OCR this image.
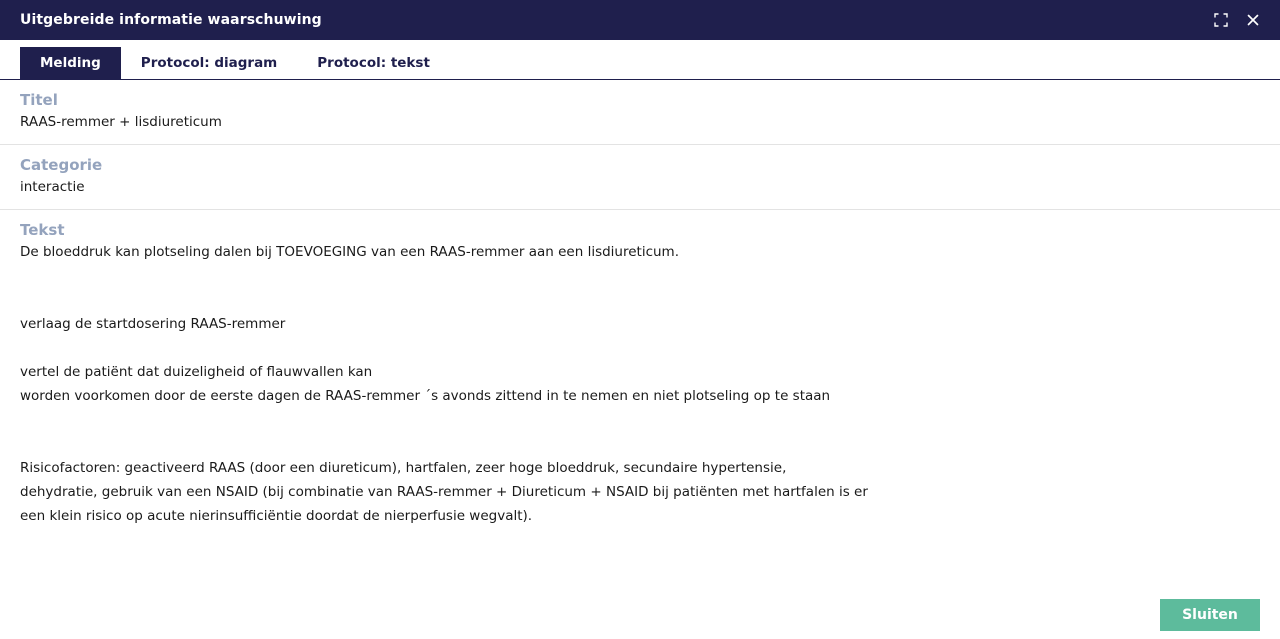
Uitgebreide informatie waarschuwing
Melding	Protocol: diagram	Protocol: tekst
Titel
RAAS-remmer + lisdiureticum
Categorie
interactie
Tekst
De bloeddruk kan plotseling dalen bij TOEVOEGING van een RAAS-remmer aan een lisdiureticum.
verlaag de startdosering RAAS-remmer
vertel de patiënt dat duizeligheid of flauwvallen kan
worden voorkomen door de eerste dagen de RAAS-remmer ´s avonds zittend in te nemen en niet plotseling op te staan
Risicofactoren: geactiveerd RAAS (door een diureticum), hartfalen, zeer hoge bloeddruk, secundaire hypertensie,
dehydratie, gebruik van een NSAID (bij combinatie van RAAS-remmer + Diureticum + NSAID bij patiënten met hartfalen is er
een klein risico op acute nierinsufficiëntie doordat de nierperfusie wegvalt).
Sluiten
